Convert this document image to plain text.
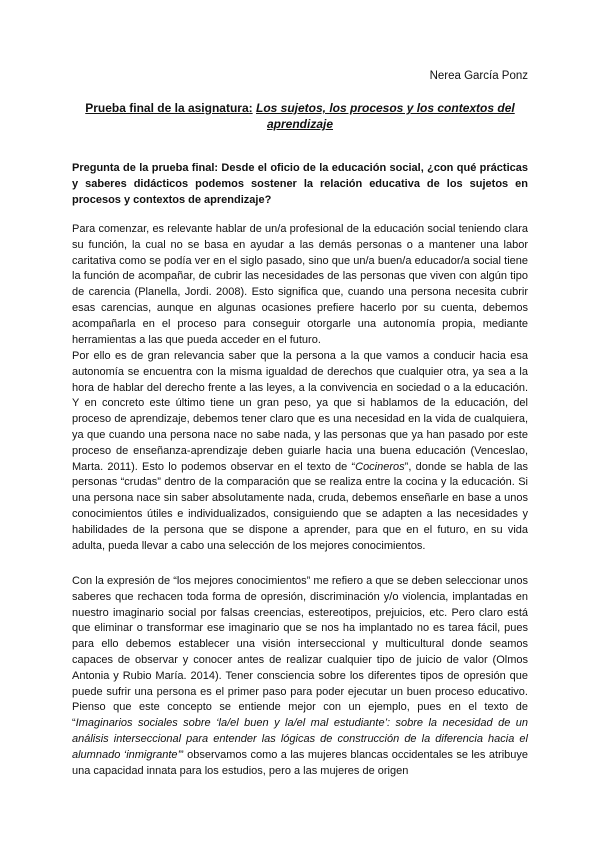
Nerea García Ponz
Prueba final de la asignatura: Los sujetos, los procesos y los contextos del aprendizaje
Pregunta de la prueba final: Desde el oficio de la educación social, ¿con qué prácticas y saberes didácticos podemos sostener la relación educativa de los sujetos en procesos y contextos de aprendizaje?
Para comenzar, es relevante hablar de un/a profesional de la educación social teniendo clara su función, la cual no se basa en ayudar a las demás personas o a mantener una labor caritativa como se podía ver en el siglo pasado, sino que un/a buen/a educador/a social tiene la función de acompañar, de cubrir las necesidades de las personas que viven con algún tipo de carencia (Planella, Jordi. 2008). Esto significa que, cuando una persona necesita cubrir esas carencias, aunque en algunas ocasiones prefiere hacerlo por su cuenta, debemos acompañarla en el proceso para conseguir otorgarle una autonomía propia, mediante herramientas a las que pueda acceder en el futuro.
Por ello es de gran relevancia saber que la persona a la que vamos a conducir hacia esa autonomía se encuentra con la misma igualdad de derechos que cualquier otra, ya sea a la hora de hablar del derecho frente a las leyes, a la convivencia en sociedad o a la educación. Y en concreto este último tiene un gran peso, ya que si hablamos de la educación, del proceso de aprendizaje, debemos tener claro que es una necesidad en la vida de cualquiera, ya que cuando una persona nace no sabe nada, y las personas que ya han pasado por este proceso de enseñanza-aprendizaje deben guiarle hacia una buena educación (Venceslao, Marta. 2011). Esto lo podemos observar en el texto de “Cocineros”, donde se habla de las personas “crudas” dentro de la comparación que se realiza entre la cocina y la educación. Si una persona nace sin saber absolutamente nada, cruda, debemos enseñarle en base a unos conocimientos útiles e individualizados, consiguiendo que se adapten a las necesidades y habilidades de la persona que se dispone a aprender, para que en el futuro, en su vida adulta, pueda llevar a cabo una selección de los mejores conocimientos.
Con la expresión de “los mejores conocimientos” me refiero a que se deben seleccionar unos saberes que rechacen toda forma de opresión, discriminación y/o violencia, implantadas en nuestro imaginario social por falsas creencias, estereotipos, prejuicios, etc. Pero claro está que eliminar o transformar ese imaginario que se nos ha implantado no es tarea fácil, pues para ello debemos establecer una visión interseccional y multicultural donde seamos capaces de observar y conocer antes de realizar cualquier tipo de juicio de valor (Olmos Antonia y Rubio María. 2014). Tener consciencia sobre los diferentes tipos de opresión que puede sufrir una persona es el primer paso para poder ejecutar un buen proceso educativo. Pienso que este concepto se entiende mejor con un ejemplo, pues en el texto de “Imaginarios sociales sobre ‘la/el buen y la/el mal estudiante’: sobre la necesidad de un análisis interseccional para entender las lógicas de construcción de la diferencia hacia el alumnado ‘inmigrante’” observamos como a las mujeres blancas occidentales se les atribuye una capacidad innata para los estudios, pero a las mujeres de origen
